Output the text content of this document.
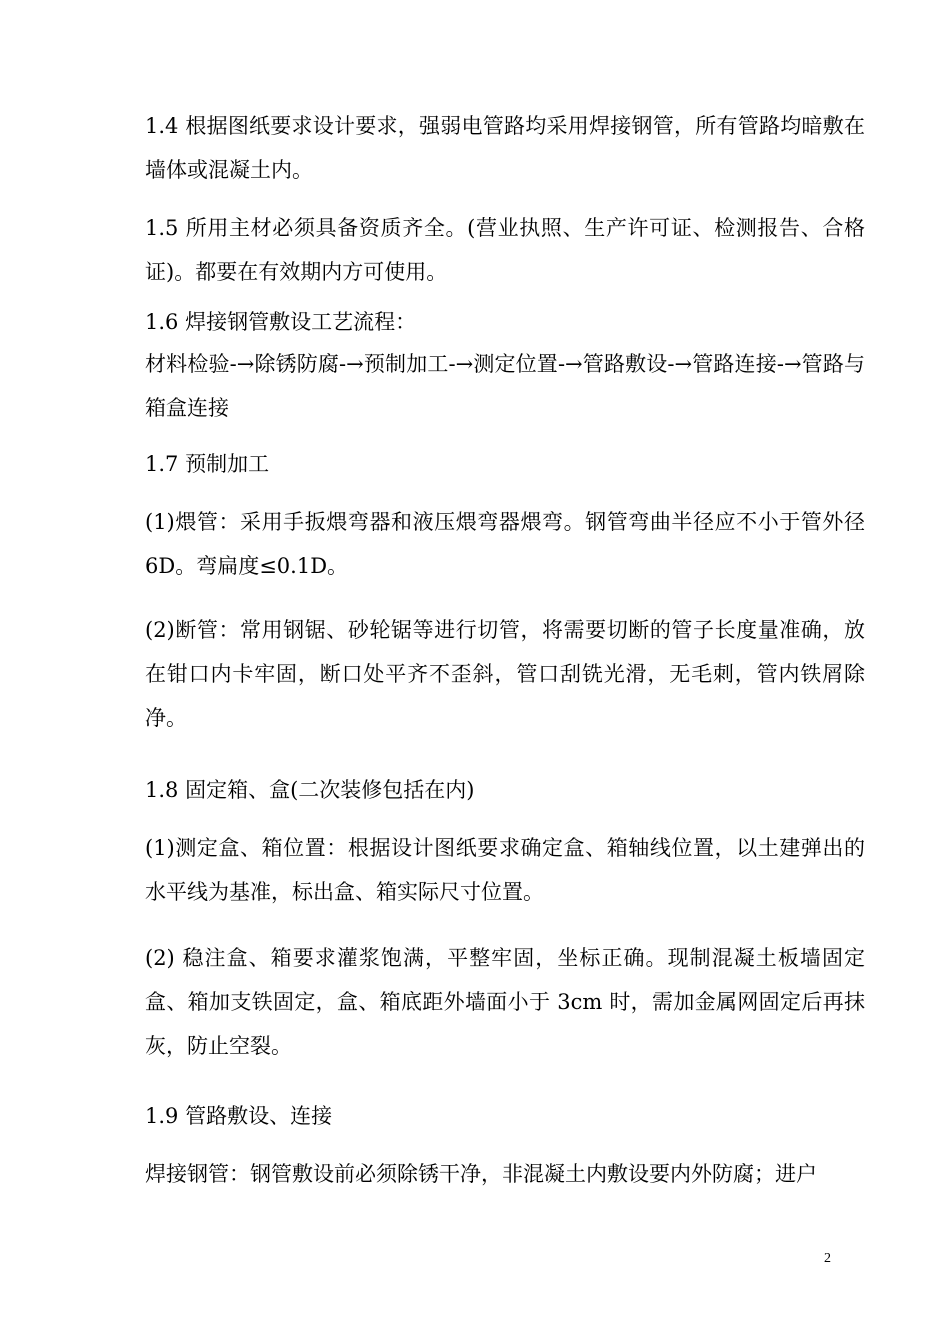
1.4 根据图纸要求设计要求，强弱电管路均采用焊接钢管，所有管路均暗敷在墙体或混凝土内。

1.5 所用主材必须具备资质齐全。(营业执照、生产许可证、检测报告、合格证)。都要在有效期内方可使用。

1.6 焊接钢管敷设工艺流程：

材料检验-→除锈防腐-→预制加工-→测定位置-→管路敷设-→管路连接-→管路与箱盒连接

1.7 预制加工

(1)煨管：采用手扳煨弯器和液压煨弯器煨弯。钢管弯曲半径应不小于管外径 6D。弯扁度≤0.1D。

(2)断管：常用钢锯、砂轮锯等进行切管，将需要切断的管子长度量准确，放在钳口内卡牢固，断口处平齐不歪斜，管口刮铣光滑，无毛刺，管内铁屑除净。

1.8 固定箱、盒(二次装修包括在内)

(1)测定盒、箱位置：根据设计图纸要求确定盒、箱轴线位置，以土建弹出的水平线为基准，标出盒、箱实际尺寸位置。

(2) 稳注盒、箱要求灌浆饱满，平整牢固，坐标正确。现制混凝土板墙固定盒、箱加支铁固定，盒、箱底距外墙面小于 3cm 时，需加金属网固定后再抹灰，防止空裂。

1.9 管路敷设、连接

焊接钢管：钢管敷设前必须除锈干净，非混凝土内敷设要内外防腐；进户

2
